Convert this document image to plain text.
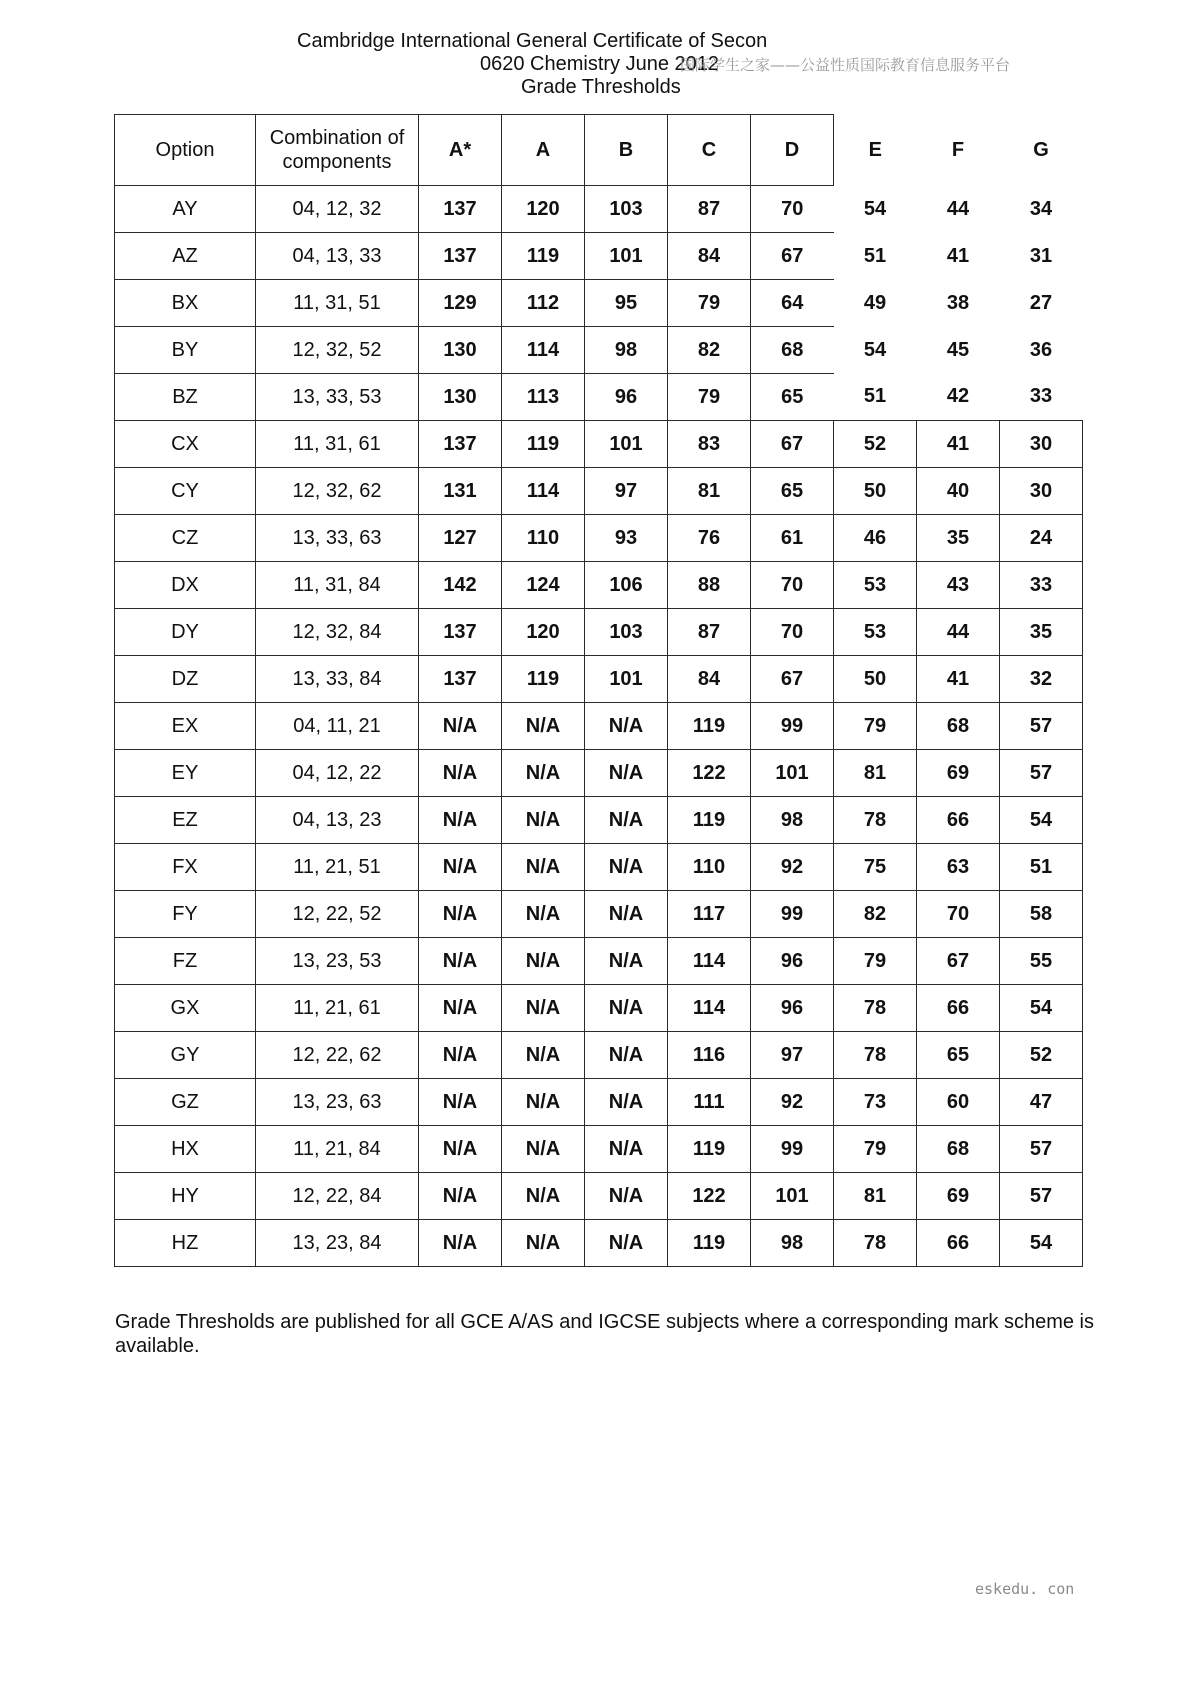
Cambridge International General Certificate of Secon
0620 Chemistry June 2012
Grade Thresholds
国际学生之家——公益性质国际教育信息服务平台
Option	Combination of components	A*	A	B	C	D	E	F	G
AY	04, 12, 32	137	120	103	87	70	54	44	34
AZ	04, 13, 33	137	119	101	84	67	51	41	31
BX	11, 31, 51	129	112	95	79	64	49	38	27
BY	12, 32, 52	130	114	98	82	68	54	45	36
BZ	13, 33, 53	130	113	96	79	65	51	42	33
CX	11, 31, 61	137	119	101	83	67	52	41	30
CY	12, 32, 62	131	114	97	81	65	50	40	30
CZ	13, 33, 63	127	110	93	76	61	46	35	24
DX	11, 31, 84	142	124	106	88	70	53	43	33
DY	12, 32, 84	137	120	103	87	70	53	44	35
DZ	13, 33, 84	137	119	101	84	67	50	41	32
EX	04, 11, 21	N/A	N/A	N/A	119	99	79	68	57
EY	04, 12, 22	N/A	N/A	N/A	122	101	81	69	57
EZ	04, 13, 23	N/A	N/A	N/A	119	98	78	66	54
FX	11, 21, 51	N/A	N/A	N/A	110	92	75	63	51
FY	12, 22, 52	N/A	N/A	N/A	117	99	82	70	58
FZ	13, 23, 53	N/A	N/A	N/A	114	96	79	67	55
GX	11, 21, 61	N/A	N/A	N/A	114	96	78	66	54
GY	12, 22, 62	N/A	N/A	N/A	116	97	78	65	52
GZ	13, 23, 63	N/A	N/A	N/A	111	92	73	60	47
HX	11, 21, 84	N/A	N/A	N/A	119	99	79	68	57
HY	12, 22, 84	N/A	N/A	N/A	122	101	81	69	57
HZ	13, 23, 84	N/A	N/A	N/A	119	98	78	66	54
Grade Thresholds are published for all GCE A/AS and IGCSE subjects where a corresponding mark scheme is available.
eskedu. con
